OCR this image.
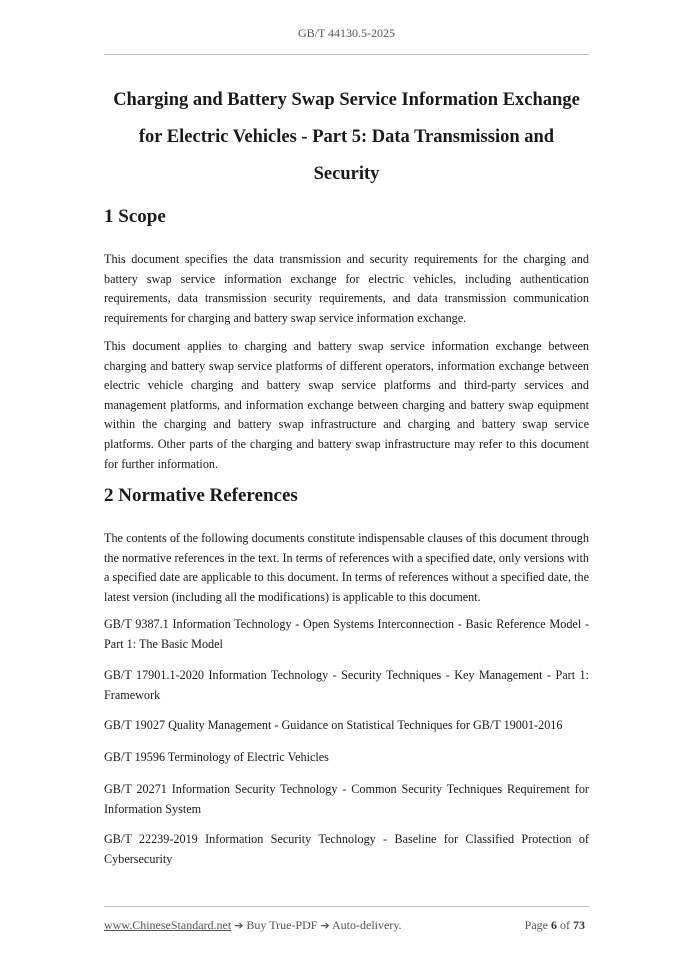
GB/T 44130.5-2025
Charging and Battery Swap Service Information Exchange
for Electric Vehicles - Part 5: Data Transmission and
Security
1 Scope

This document specifies the data transmission and security requirements for the charging and battery swap service information exchange for electric vehicles, including authentication requirements, data transmission security requirements, and data transmission communication requirements for charging and battery swap service information exchange.

This document applies to charging and battery swap service information exchange between charging and battery swap service platforms of different operators, information exchange between electric vehicle charging and battery swap service platforms and third-party services and management platforms, and information exchange between charging and battery swap equipment within the charging and battery swap infrastructure and charging and battery swap service platforms. Other parts of the charging and battery swap infrastructure may refer to this document for further information.

2 Normative References

The contents of the following documents constitute indispensable clauses of this document through the normative references in the text. In terms of references with a specified date, only versions with a specified date are applicable to this document. In terms of references without a specified date, the latest version (including all the modifications) is applicable to this document.

GB/T 9387.1 Information Technology - Open Systems Interconnection - Basic Reference Model - Part 1: The Basic Model

GB/T 17901.1-2020 Information Technology - Security Techniques - Key Management - Part 1: Framework

GB/T 19027 Quality Management - Guidance on Statistical Techniques for GB/T 19001-2016

GB/T 19596 Terminology of Electric Vehicles

GB/T 20271 Information Security Technology - Common Security Techniques Requirement for Information System

GB/T 22239-2019 Information Security Technology - Baseline for Classified Protection of Cybersecurity

www.ChineseStandard.net ➔ Buy True-PDF ➔ Auto-delivery.	Page 6 of 73
